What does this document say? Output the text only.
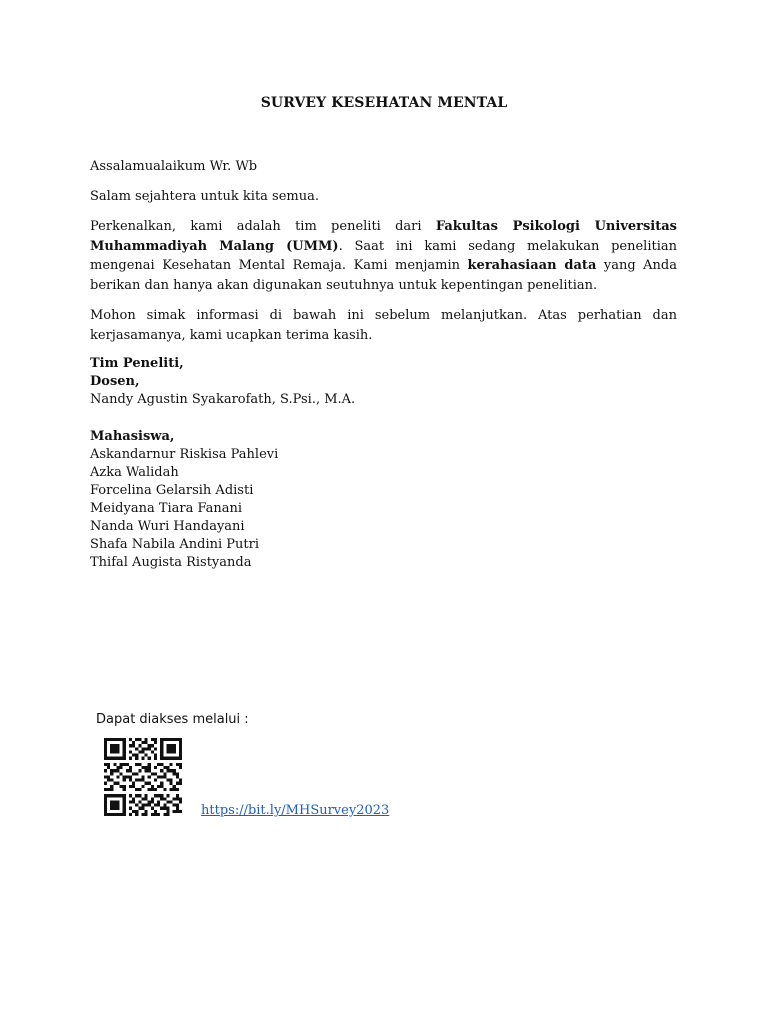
SURVEY KESEHATAN MENTAL

Assalamualaikum Wr. Wb

Salam sejahtera untuk kita semua.

Perkenalkan, kami adalah tim peneliti dari Fakultas Psikologi Universitas Muhammadiyah Malang (UMM). Saat ini kami sedang melakukan penelitian mengenai Kesehatan Mental Remaja. Kami menjamin kerahasiaan data yang Anda berikan dan hanya akan digunakan seutuhnya untuk kepentingan penelitian.

Mohon simak informasi di bawah ini sebelum melanjutkan. Atas perhatian dan kerjasamanya, kami ucapkan terima kasih.

Tim Peneliti,
Dosen,
Nandy Agustin Syakarofath, S.Psi., M.A.
Mahasiswa,
Askandarnur Riskisa Pahlevi
Azka Walidah
Forcelina Gelarsih Adisti
Meidyana Tiara Fanani
Nanda Wuri Handayani
Shafa Nabila Andini Putri
Thifal Augista Ristyanda
Dapat diakses melalui :
https://bit.ly/MHSurvey2023
